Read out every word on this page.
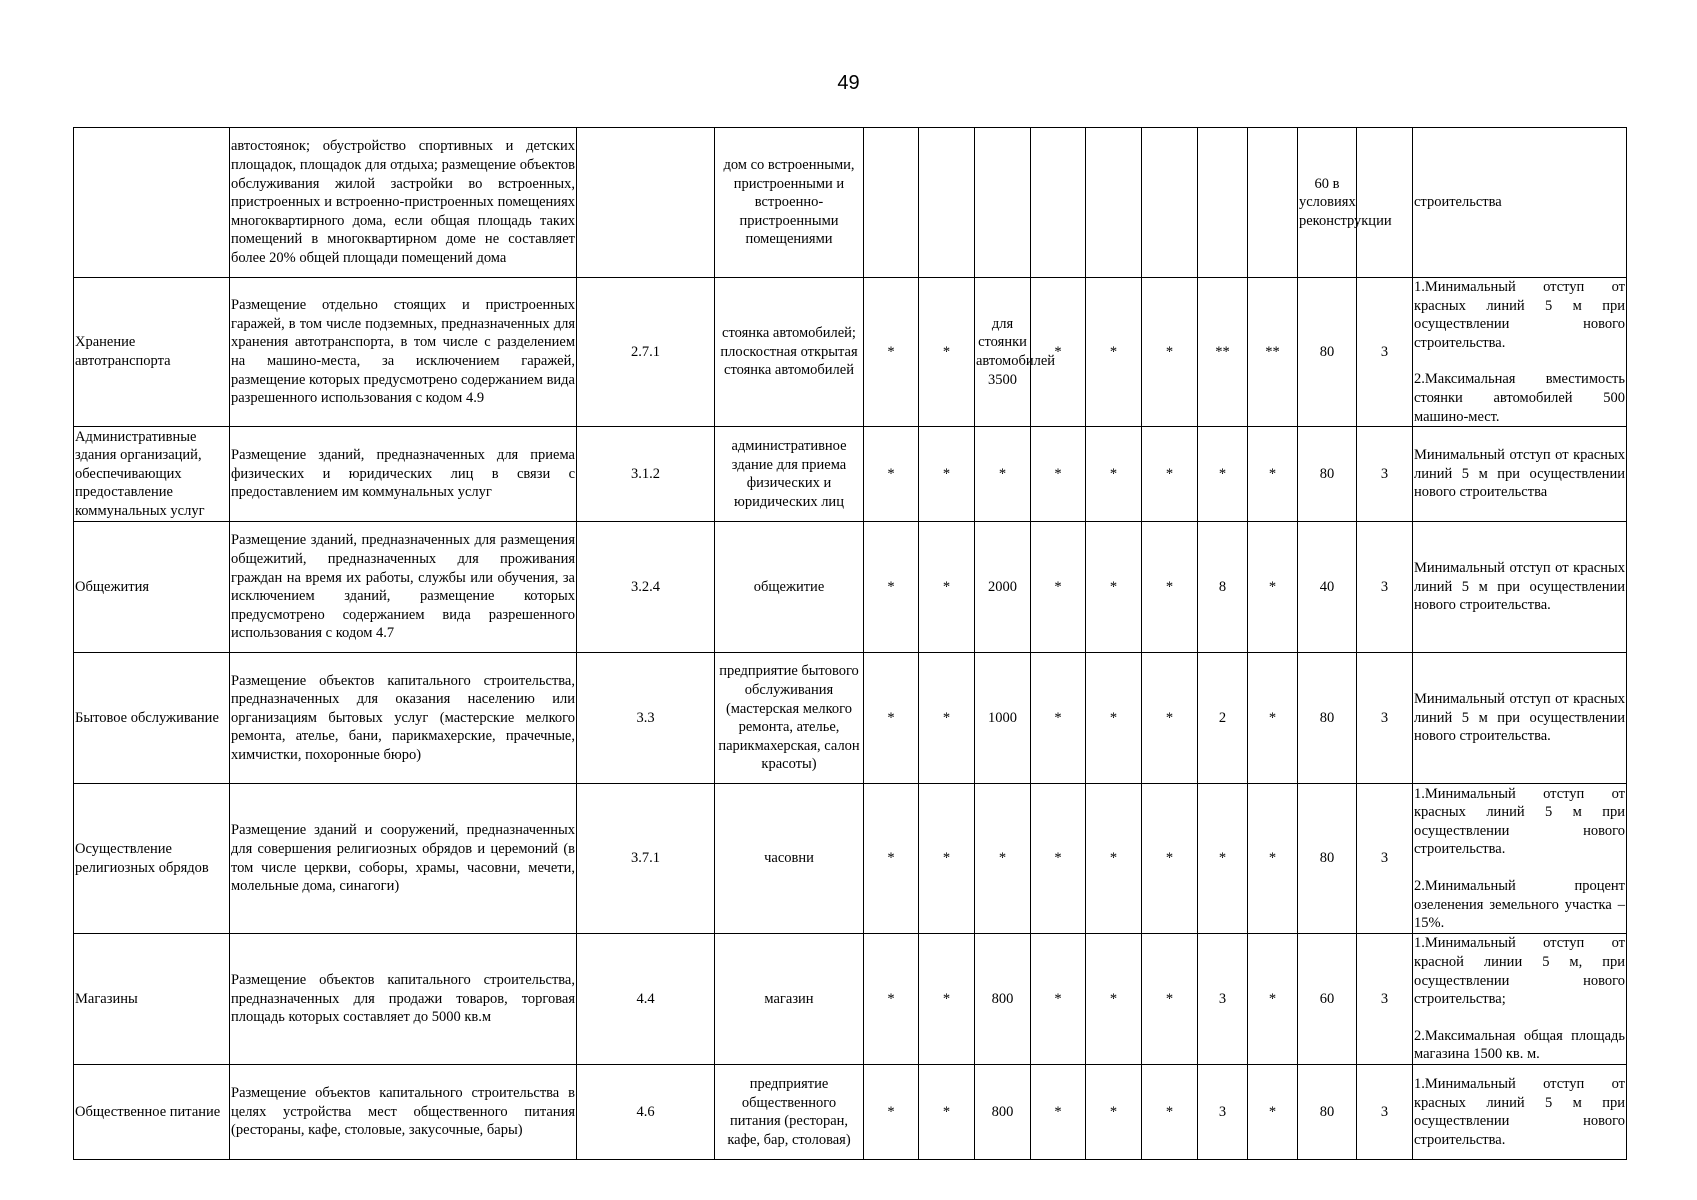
49
	автостоянок; обустройство спортивных и детских площадок, площадок для отдыха; размещение объектов обслуживания жилой застройки во встроенных, пристроенных и встроенно-пристроенных помещениях многоквартирного дома, если общая площадь таких помещений в многоквартирном доме не составляет более 20% общей площади помещений дома		дом со встроенными, пристроенными и встроенно-пристроенными помещениями									60 в условиях реконструкции		строительства

Хранение автотранспорта	Размещение отдельно стоящих и пристроенных гаражей, в том числе подземных, предназначенных для хранения автотранспорта, в том числе с разделением на машино-места, за исключением гаражей, размещение которых предусмотрено содержанием вида разрешенного использования с кодом 4.9	2.7.1	стоянка автомобилей; плоскостная открытая стоянка автомобилей	*	*	для стоянки автомобилей 3500	*	*	*	**	**	80	3	1.Минимальный отступ от красных линий 5 м при осуществлении нового строительства.
2.Максимальная вместимость стоянки автомобилей 500 машино-мест.

Административные здания организаций, обеспечивающих предоставление коммунальных услуг	Размещение зданий, предназначенных для приема физических и юридических лиц в связи с предоставлением им коммунальных услуг	3.1.2	административное здание для приема физических и юридических лиц	*	*	*	*	*	*	*	*	80	3	Минимальный отступ от красных линий 5 м при осуществлении нового строительства

Общежития	Размещение зданий, предназначенных для размещения общежитий, предназначенных для проживания граждан на время их работы, службы или обучения, за исключением зданий, размещение которых предусмотрено содержанием вида разрешенного использования с кодом 4.7	3.2.4	общежитие	*	*	2000	*	*	*	8	*	40	3	Минимальный отступ от красных линий 5 м при осуществлении нового строительства.

Бытовое обслуживание	Размещение объектов капитального строительства, предназначенных для оказания населению или организациям бытовых услуг (мастерские мелкого ремонта, ателье, бани, парикмахерские, прачечные, химчистки, похоронные бюро)	3.3	предприятие бытового обслуживания (мастерская мелкого ремонта, ателье, парикмахерская, салон красоты)	*	*	1000	*	*	*	2	*	80	3	Минимальный отступ от красных линий 5 м при осуществлении нового строительства.

Осуществление религиозных обрядов	Размещение зданий и сооружений, предназначенных для совершения религиозных обрядов и церемоний (в том числе церкви, соборы, храмы, часовни, мечети, молельные дома, синагоги)	3.7.1	часовни	*	*	*	*	*	*	*	*	80	3	1.Минимальный отступ от красных линий 5 м при осуществлении нового строительства.
2.Минимальный процент озеленения земельного участка – 15%.

Магазины	Размещение объектов капитального строительства, предназначенных для продажи товаров, торговая площадь которых составляет до 5000 кв.м	4.4	магазин	*	*	800	*	*	*	3	*	60	3	1.Минимальный отступ от красной линии 5 м, при осуществлении нового строительства;
2.Максимальная общая площадь магазина 1500 кв. м.

Общественное питание	Размещение объектов капитального строительства в целях устройства мест общественного питания (рестораны, кафе, столовые, закусочные, бары)	4.6	предприятие общественного питания (ресторан, кафе, бар, столовая)	*	*	800	*	*	*	3	*	80	3	1.Минимальный отступ от красных линий 5 м при осуществлении нового строительства.
